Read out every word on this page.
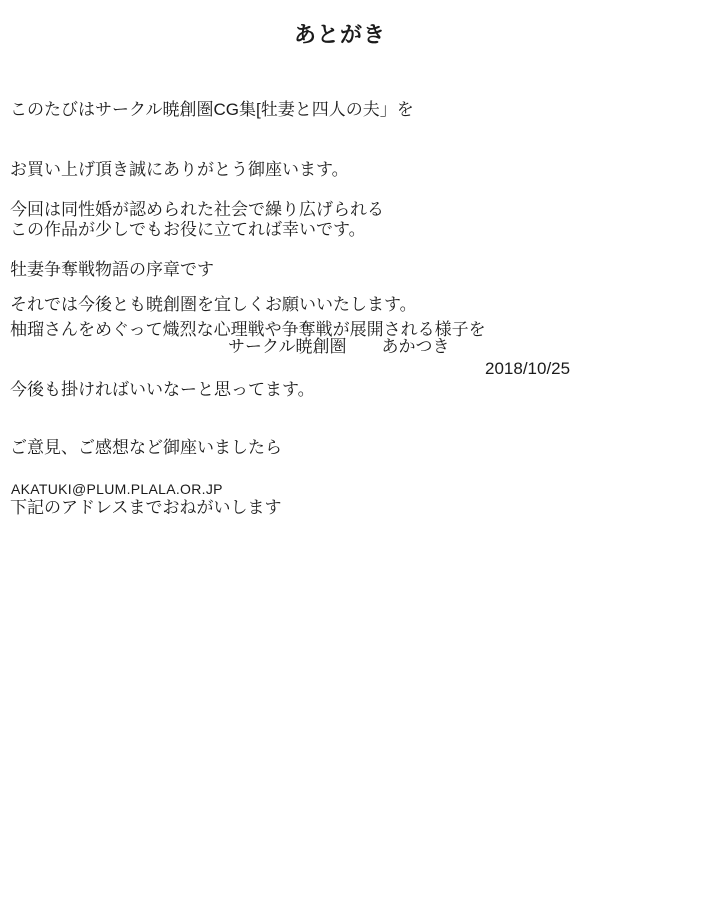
あとがき

このたびはサークル暁創圏CG集[牡妻と四人の夫」を

お買い上げ頂き誠にありがとう御座います。

この作品が少しでもお役に立てれば幸いです。

今回は同性婚が認められた社会で繰り広げられる

牡妻争奪戦物語の序章です

柚瑠さんをめぐって熾烈な心理戦や争奪戦が展開される様子を

今後も掛ければいいなーと思ってます。

それでは今後とも暁創圏を宜しくお願いいたします。

サークル暁創圏 あかつき
2018/10/25

ご意見、ご感想など御座いましたら

下記のアドレスまでおねがいします

AKATUKI@PLUM.PLALA.OR.JP
